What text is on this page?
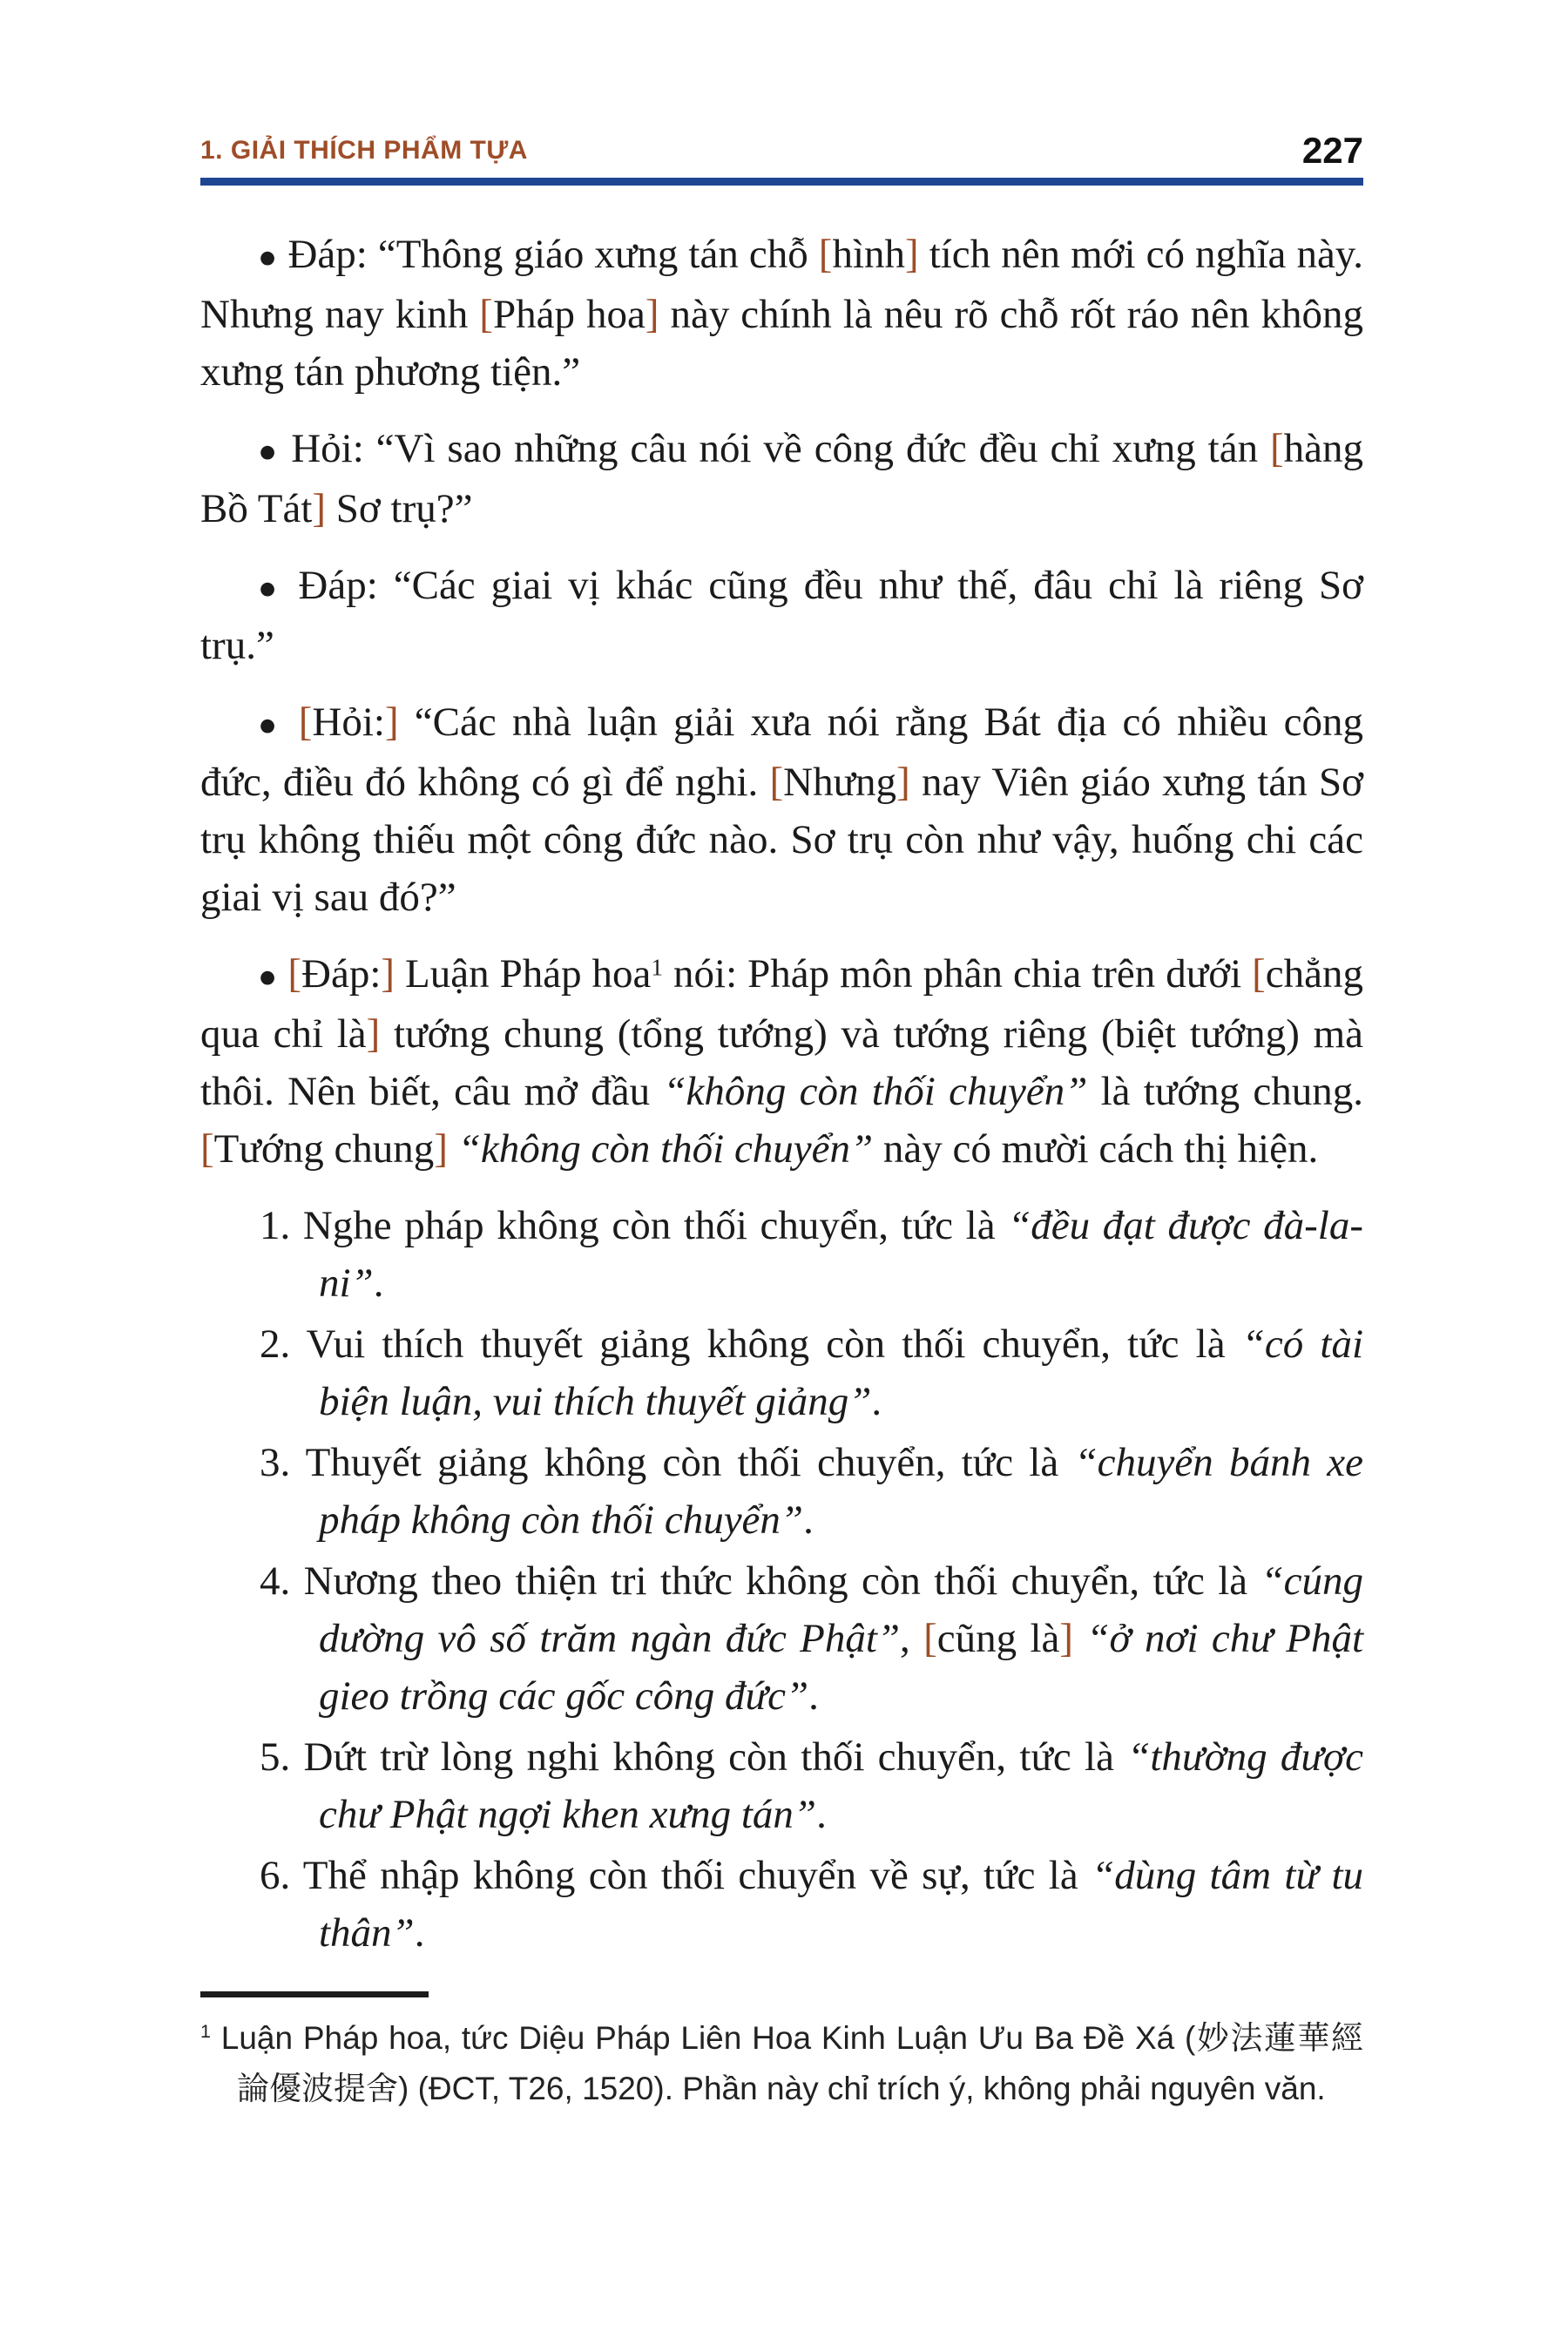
1. GIẢI THÍCH PHẨM TỰA	227

● Đáp: “Thông giáo xưng tán chỗ [hình] tích nên mới có nghĩa này. Nhưng nay kinh [Pháp hoa] này chính là nêu rõ chỗ rốt ráo nên không xưng tán phương tiện.”

● Hỏi: “Vì sao những câu nói về công đức đều chỉ xưng tán [hàng Bồ Tát] Sơ trụ?”

● Đáp: “Các giai vị khác cũng đều như thế, đâu chỉ là riêng Sơ trụ.”

● [Hỏi:] “Các nhà luận giải xưa nói rằng Bát địa có nhiều công đức, điều đó không có gì để nghi. [Nhưng] nay Viên giáo xưng tán Sơ trụ không thiếu một công đức nào. Sơ trụ còn như vậy, huống chi các giai vị sau đó?”

● [Đáp:] Luận Pháp hoa$^1$ nói: Pháp môn phân chia trên dưới [chẳng qua chỉ là] tướng chung (tổng tướng) và tướng riêng (biệt tướng) mà thôi. Nên biết, câu mở đầu “không còn thối chuyển” là tướng chung. [Tướng chung] “không còn thối chuyển” này có mười cách thị hiện.

1. Nghe pháp không còn thối chuyển, tức là “đều đạt được đà-la-ni”.
2. Vui thích thuyết giảng không còn thối chuyển, tức là “có tài biện luận, vui thích thuyết giảng”.
3. Thuyết giảng không còn thối chuyển, tức là “chuyển bánh xe pháp không còn thối chuyển”.
4. Nương theo thiện tri thức không còn thối chuyển, tức là “cúng dường vô số trăm ngàn đức Phật”, [cũng là] “ở nơi chư Phật gieo trồng các gốc công đức”.
5. Dứt trừ lòng nghi không còn thối chuyển, tức là “thường được chư Phật ngợi khen xưng tán”.
6. Thể nhập không còn thối chuyển về sự, tức là “dùng tâm từ tu thân”.
$^1$ Luận Pháp hoa, tức Diệu Pháp Liên Hoa Kinh Luận Ưu Ba Đề Xá (妙法蓮華經論優波提舍) (ĐCT, T26, 1520). Phần này chỉ trích ý, không phải nguyên văn.
